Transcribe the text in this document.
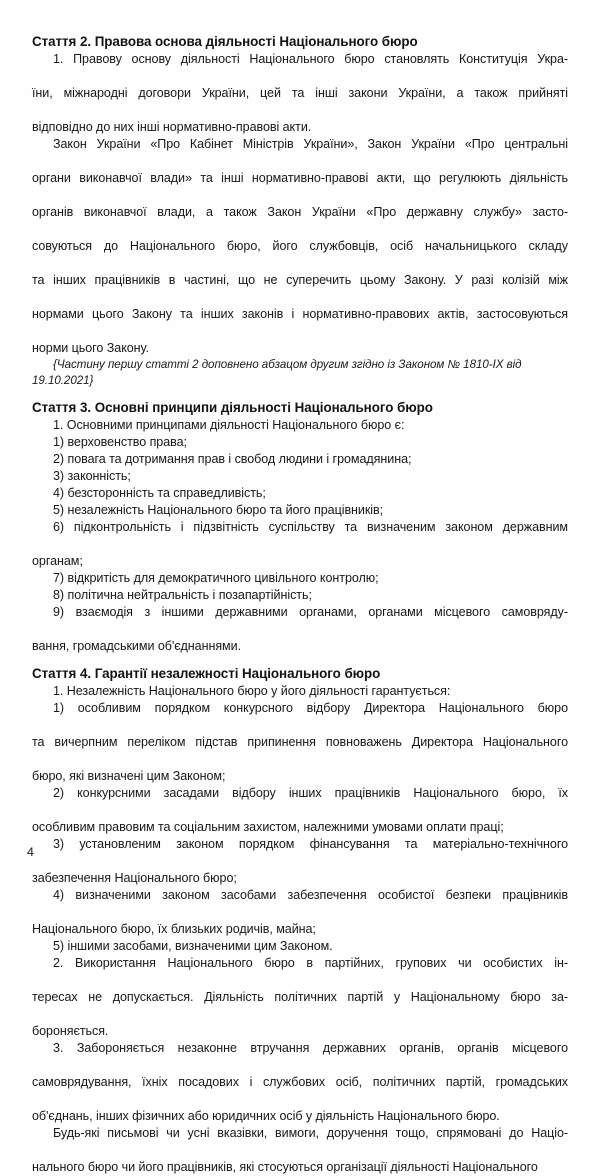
Стаття 2. Правова основа діяльності Національного бюро

1. Правову основу діяльності Національного бюро становлять Конституція Укра-
їни, міжнародні договори України, цей та інші закони України, а також прийняті
відповідно до них інші нормативно-правові акти.

Закон України «Про Кабінет Міністрів України», Закон України «Про центральні
органи виконавчої влади» та інші нормативно-правові акти, що регулюють діяльність
органів виконавчої влади, а також Закон України «Про державну службу» засто-
совуються до Національного бюро, його службовців, осіб начальницького складу
та інших працівників в частині, що не суперечить цьому Закону. У разі колізій між
нормами цього Закону та інших законів і нормативно-правових актів, застосовуються
норми цього Закону.

{Частину першу статті 2 доповнено абзацом другим згідно із Законом № 1810-IX від
19.10.2021}

Стаття 3. Основні принципи діяльності Національного бюро

1. Основними принципами діяльності Національного бюро є:

1) верховенство права;

2) повага та дотримання прав і свобод людини і громадянина;

3) законність;

4) безсторонність та справедливість;

5) незалежність Національного бюро та його працівників;

6) підконтрольність і підзвітність суспільству та визначеним законом державним
органам;

7) відкритість для демократичного цивільного контролю;

8) політична нейтральність і позапартійність;

9) взаємодія з іншими державними органами, органами місцевого самовряду-
вання, громадськими об'єднаннями.

Стаття 4. Гарантії незалежності Національного бюро

1. Незалежність Національного бюро у його діяльності гарантується:

1) особливим порядком конкурсного відбору Директора Національного бюро
та вичерпним переліком підстав припинення повноважень Директора Національного
бюро, які визначені цим Законом;

2) конкурсними засадами відбору інших працівників Національного бюро, їх
особливим правовим та соціальним захистом, належними умовами оплати праці;

3) установленим законом порядком фінансування та матеріально-технічного
забезпечення Національного бюро;

4) визначеними законом засобами забезпечення особистої безпеки працівників
Національного бюро, їх близьких родичів, майна;

5) іншими засобами, визначеними цим Законом.

2. Використання Національного бюро в партійних, групових чи особистих ін-
тересах не допускається. Діяльність політичних партій у Національному бюро за-
бороняється.

3. Забороняється незаконне втручання державних органів, органів місцевого
самоврядування, їхніх посадових і службових осіб, політичних партій, громадських
об'єднань, інших фізичних або юридичних осіб у діяльність Національного бюро.

Будь-які письмові чи усні вказівки, вимоги, доручення тощо, спрямовані до Націо-
нального бюро чи його працівників, які стосуються організації діяльності Національного

4
